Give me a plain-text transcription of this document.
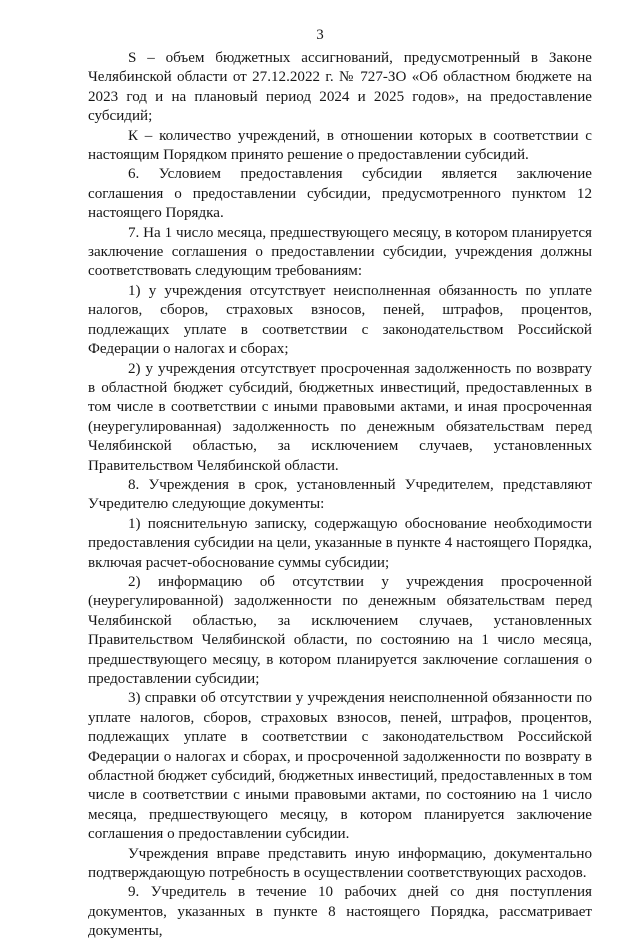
3

S – объем бюджетных ассигнований, предусмотренный в Законе Челябинской области от 27.12.2022 г. № 727-ЗО «Об областном бюджете на 2023 год и на плановый период 2024 и 2025 годов», на предоставление субсидий;

К – количество учреждений, в отношении которых в соответствии с настоящим Порядком принято решение о предоставлении субсидий.

6. Условием предоставления субсидии является заключение соглашения о предоставлении субсидии, предусмотренного пунктом 12 настоящего Порядка.

7. На 1 число месяца, предшествующего месяцу, в котором планируется заключение соглашения о предоставлении субсидии, учреждения должны соответствовать следующим требованиям:

1) у учреждения отсутствует неисполненная обязанность по уплате налогов, сборов, страховых взносов, пеней, штрафов, процентов, подлежащих уплате в соответствии с законодательством Российской Федерации о налогах и сборах;

2) у учреждения отсутствует просроченная задолженность по возврату в областной бюджет субсидий, бюджетных инвестиций, предоставленных в том числе в соответствии с иными правовыми актами, и иная просроченная (неурегулированная) задолженность по денежным обязательствам перед Челябинской областью, за исключением случаев, установленных Правительством Челябинской области.

8. Учреждения в срок, установленный Учредителем, представляют Учредителю следующие документы:

1) пояснительную записку, содержащую обоснование необходимости предоставления субсидии на цели, указанные в пункте 4 настоящего Порядка, включая расчет-обоснование суммы субсидии;

2) информацию об отсутствии у учреждения просроченной (неурегулированной) задолженности по денежным обязательствам перед Челябинской областью, за исключением случаев, установленных Правительством Челябинской области, по состоянию на 1 число месяца, предшествующего месяцу, в котором планируется заключение соглашения о предоставлении субсидии;

3) справки об отсутствии у учреждения неисполненной обязанности по уплате налогов, сборов, страховых взносов, пеней, штрафов, процентов, подлежащих уплате в соответствии с законодательством Российской Федерации о налогах и сборах, и просроченной задолженности по возврату в областной бюджет субсидий, бюджетных инвестиций, предоставленных в том числе в соответствии с иными правовыми актами, по состоянию на 1 число месяца, предшествующего месяцу, в котором планируется заключение соглашения о предоставлении субсидии.

Учреждения вправе представить иную информацию, документально подтверждающую потребность в осуществлении соответствующих расходов.

9. Учредитель в течение 10 рабочих дней со дня поступления документов, указанных в пункте 8 настоящего Порядка, рассматривает документы,
